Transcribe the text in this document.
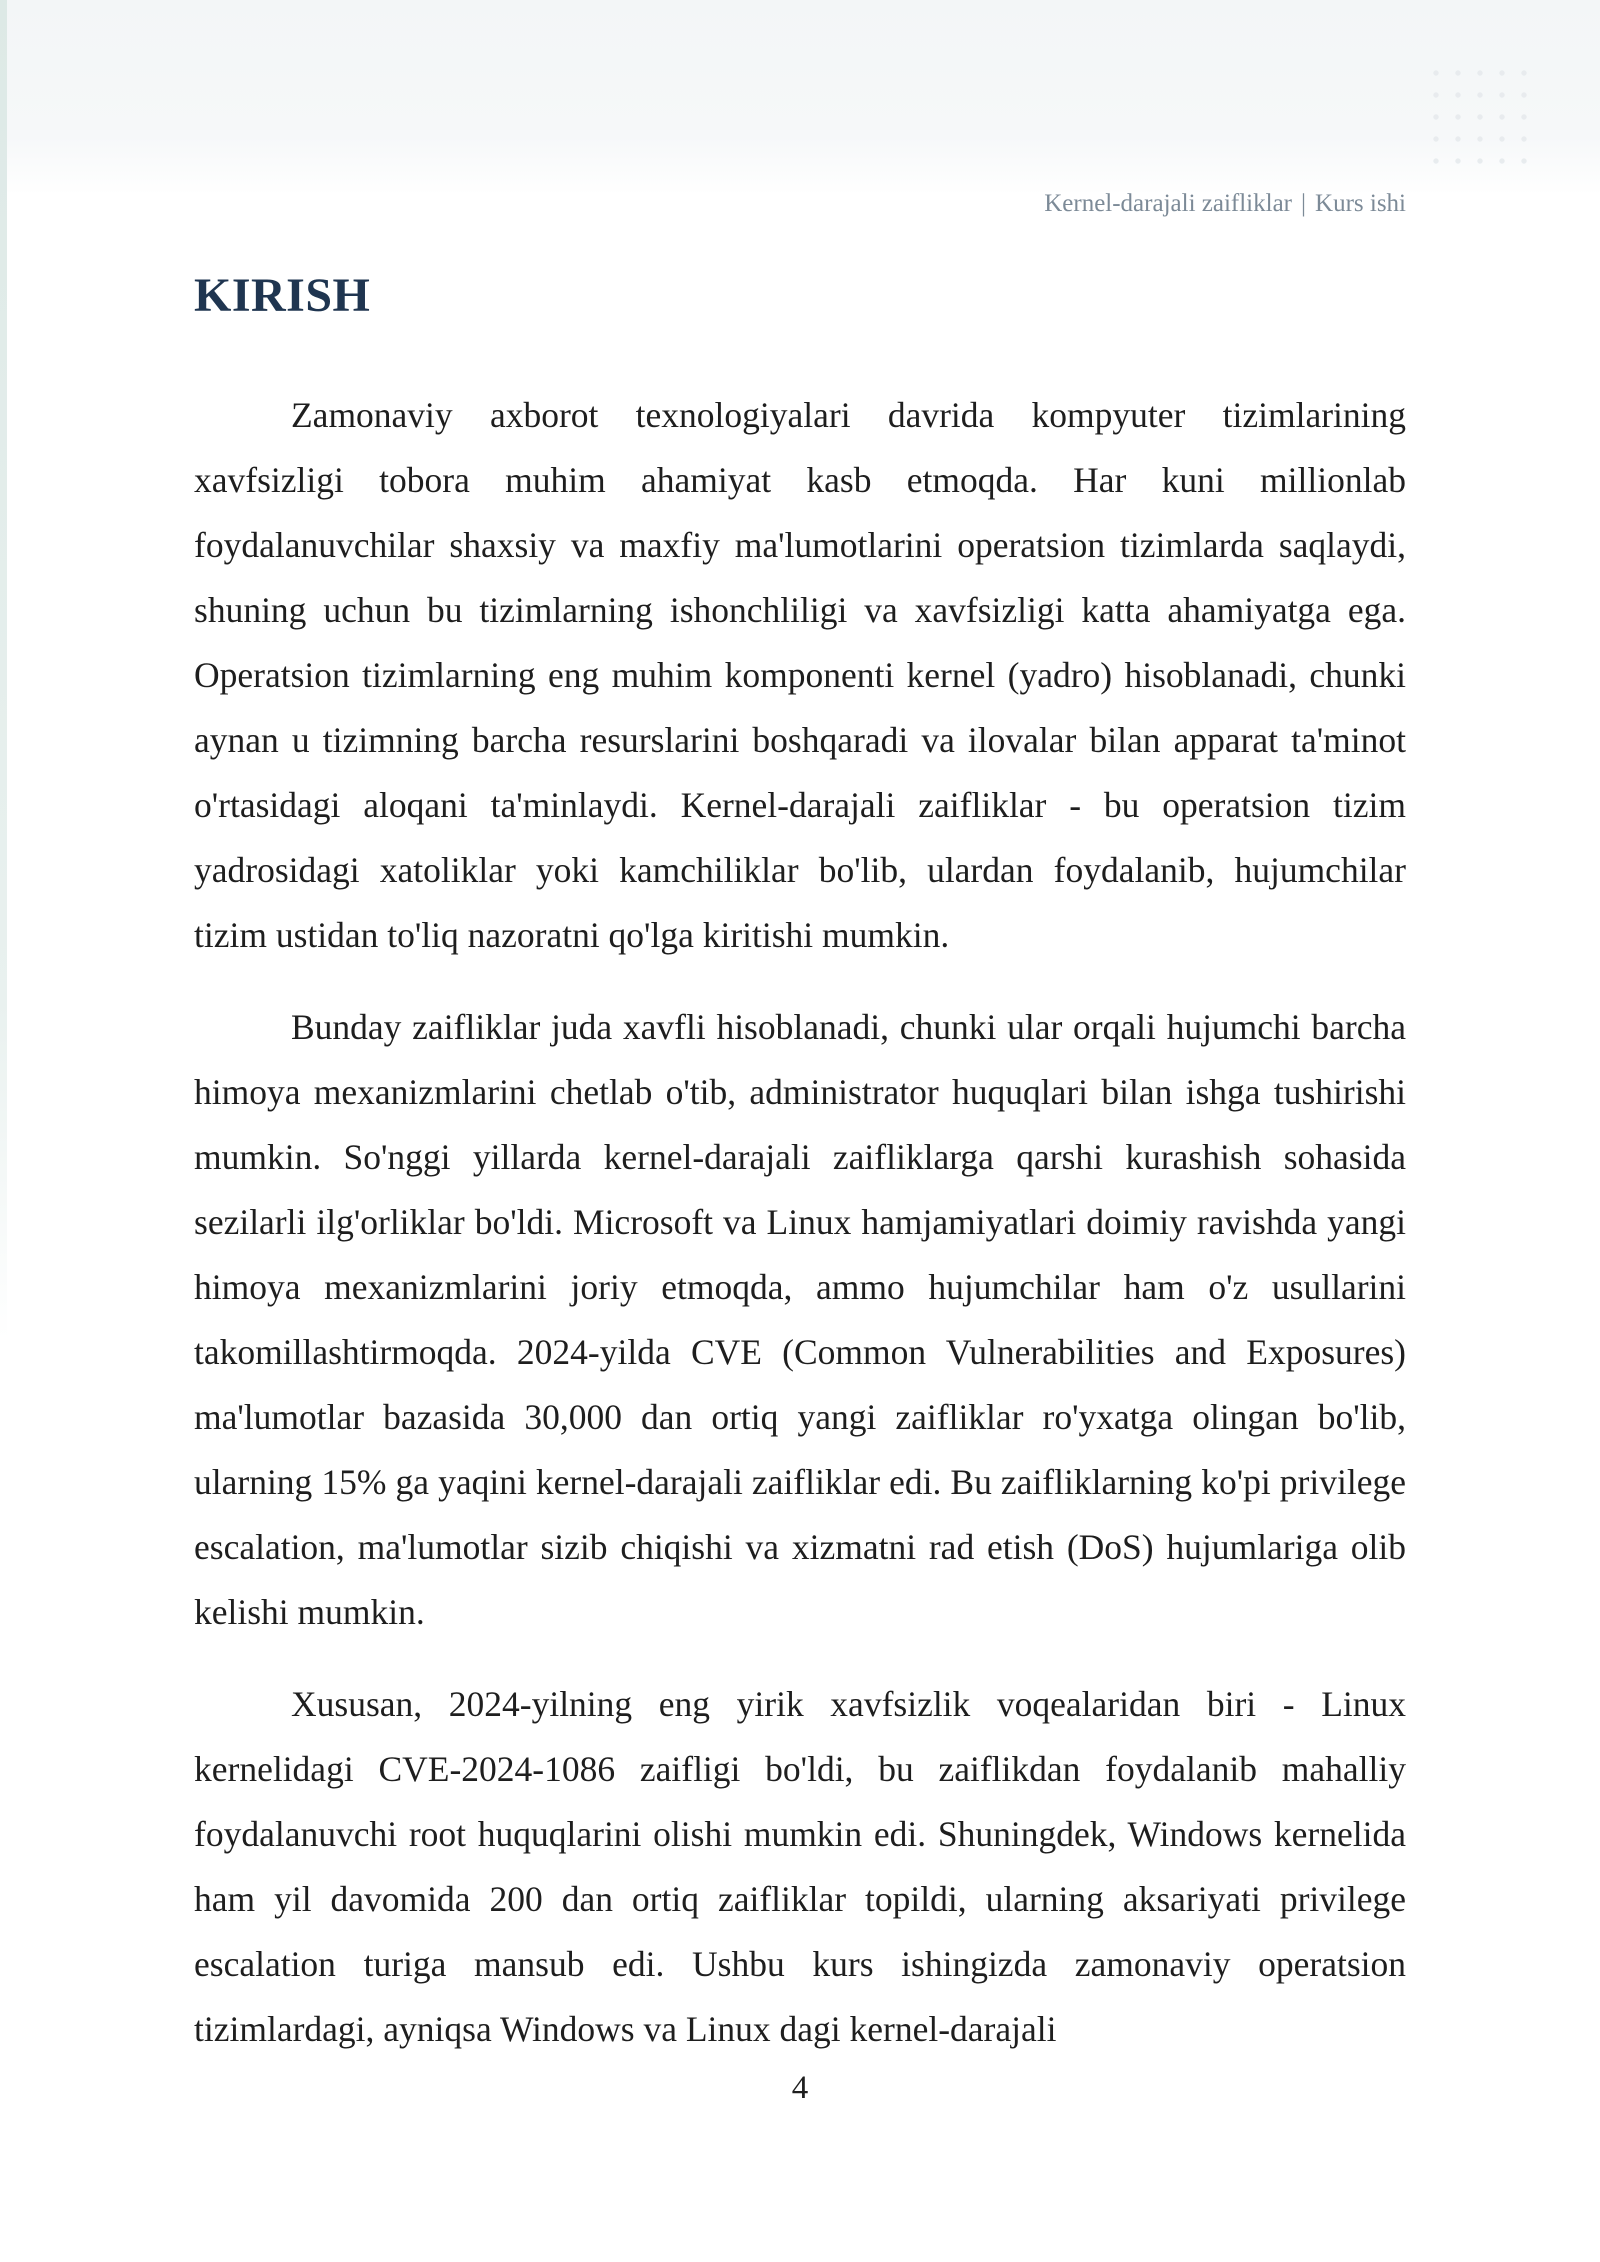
Kernel-darajali zaifliklar | Kurs ishi
KIRISH

Zamonaviy axborot texnologiyalari davrida kompyuter tizimlarining xavfsizligi tobora muhim ahamiyat kasb etmoqda. Har kuni millionlab foydalanuvchilar shaxsiy va maxfiy ma'lumotlarini operatsion tizimlarda saqlaydi, shuning uchun bu tizimlarning ishonchliligi va xavfsizligi katta ahamiyatga ega. Operatsion tizimlarning eng muhim komponenti kernel (yadro) hisoblanadi, chunki aynan u tizimning barcha resurslarini boshqaradi va ilovalar bilan apparat ta'minot o'rtasidagi aloqani ta'minlaydi. Kernel-darajali zaifliklar - bu operatsion tizim yadrosidagi xatoliklar yoki kamchiliklar bo'lib, ulardan foydalanib, hujumchilar tizim ustidan to'liq nazoratni qo'lga kiritishi mumkin.

Bunday zaifliklar juda xavfli hisoblanadi, chunki ular orqali hujumchi barcha himoya mexanizmlarini chetlab o'tib, administrator huquqlari bilan ishga tushirishi mumkin. So'nggi yillarda kernel-darajali zaifliklarga qarshi kurashish sohasida sezilarli ilg'orliklar bo'ldi. Microsoft va Linux hamjamiyatlari doimiy ravishda yangi himoya mexanizmlarini joriy etmoqda, ammo hujumchilar ham o'z usullarini takomillashtirmoqda. 2024-yilda CVE (Common Vulnerabilities and Exposures) ma'lumotlar bazasida 30,000 dan ortiq yangi zaifliklar ro'yxatga olingan bo'lib, ularning 15% ga yaqini kernel-darajali zaifliklar edi. Bu zaifliklarning ko'pi privilege escalation, ma'lumotlar sizib chiqishi va xizmatni rad etish (DoS) hujumlariga olib kelishi mumkin.

Xususan, 2024-yilning eng yirik xavfsizlik voqealaridan biri - Linux kernelidagi CVE-2024-1086 zaifligi bo'ldi, bu zaiflikdan foydalanib mahalliy foydalanuvchi root huquqlarini olishi mumkin edi. Shuningdek, Windows kernelida ham yil davomida 200 dan ortiq zaifliklar topildi, ularning aksariyati privilege escalation turiga mansub edi. Ushbu kurs ishingizda zamonaviy operatsion tizimlardagi, ayniqsa Windows va Linux dagi kernel-darajali

4
